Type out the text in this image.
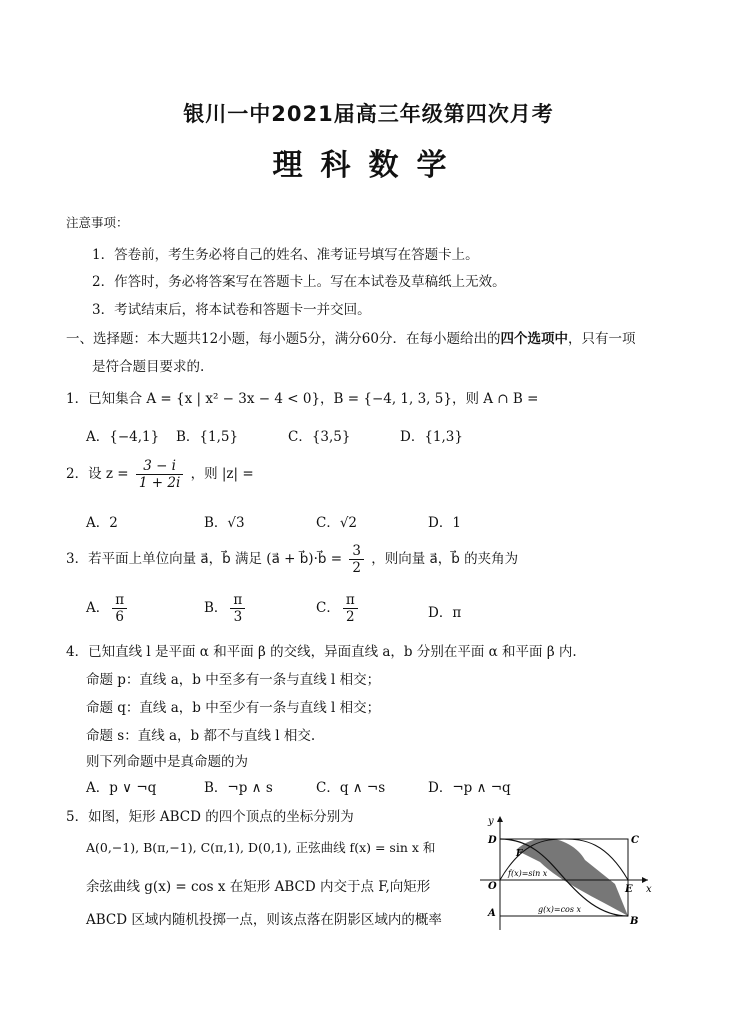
银川一中2021届高三年级第四次月考
理科数学
注意事项：
1．答卷前，考生务必将自己的姓名、准考证号填写在答题卡上。
2．作答时，务必将答案写在答题卡上。写在本试卷及草稿纸上无效。
3．考试结束后，将本试卷和答题卡一并交回。
一、选择题：本大题共12小题，每小题5分，满分60分．在每小题给出的四个选项中，只有一项
是符合题目要求的.
1．已知集合 A = {x | x² − 3x − 4 < 0}，B = {−4, 1, 3, 5}，则 A ∩ B =
A．{−4,1} B．{1,5}	C．{3,5}	D．{1,3}
2．设 $z = \frac{3 - i}{1 + 2i}$ ，则 |z| =
A．2	B．√3	C．√2	D．1
3．若平面上单位向量 a⃗，b⃗ 满足 (a⃗ + b⃗)·b⃗ = $\frac{3}{2}$ ，则向量 a⃗，b⃗ 的夹角为
A． $\frac{\pi}{6}$	B． $\frac{\pi}{3}$	C． $\frac{\pi}{2}$	D．π
4．已知直线 l 是平面 α 和平面 β 的交线，异面直线 a，b 分别在平面 α 和平面 β 内.
命题 p：直线 a，b 中至多有一条与直线 l 相交；
命题 q：直线 a，b 中至少有一条与直线 l 相交；
命题 s：直线 a，b 都不与直线 l 相交.
则下列命题中是真命题的为
A．p ∨ ¬q	B．¬p ∧ s	C．q ∧ ¬s	D．¬p ∧ ¬q
5．如图，矩形 ABCD 的四个顶点的坐标分别为
A(0,−1), B(π,−1), C(π,1), D(0,1), 正弦曲线 f(x) = sin x 和
余弦曲线 g(x) = cos x 在矩形 ABCD 内交于点 F,向矩形
ABCD 区域内随机投掷一点，则该点落在阴影区域内的概率
y
x
D	C
F
O	E
A
B
f(x)=sin x
g(x)=cos x
